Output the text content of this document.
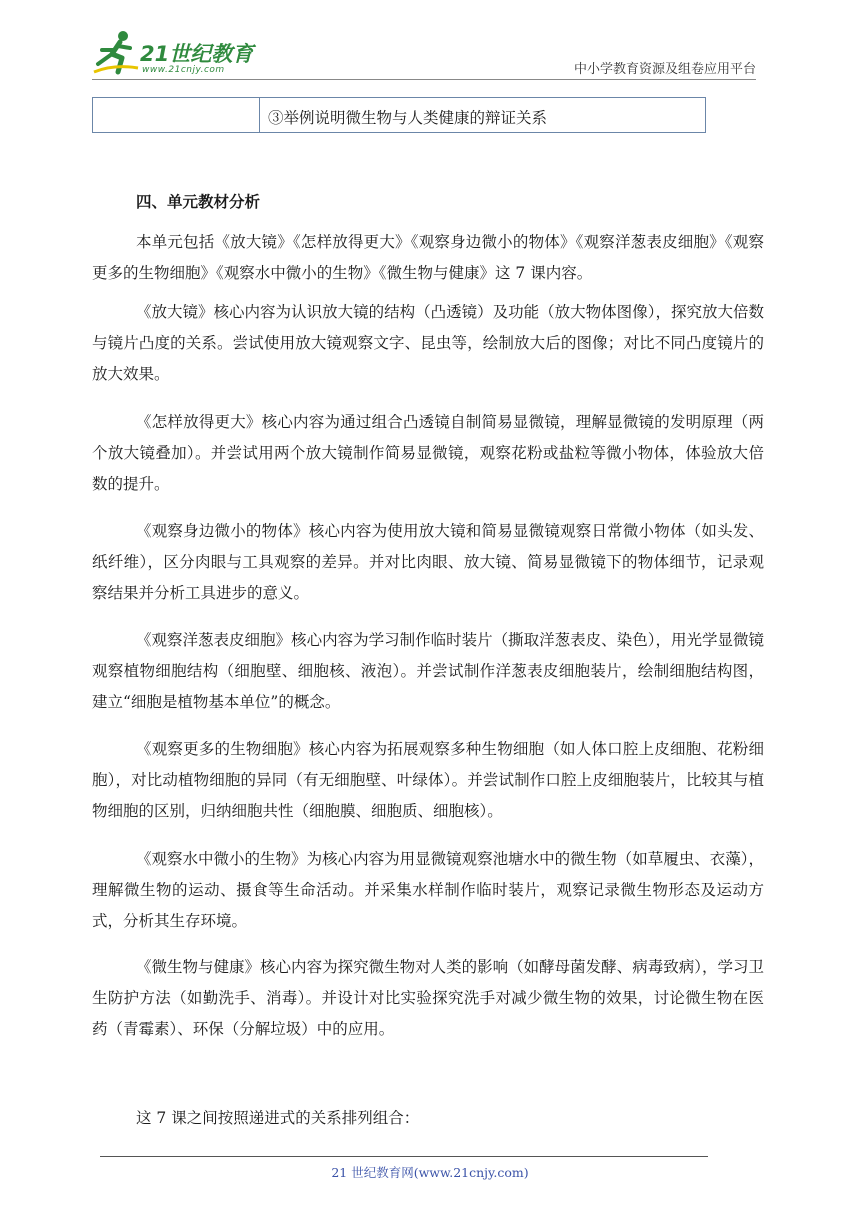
21世纪教育
www.21cnjy.com	中小学教育资源及组卷应用平台
③举例说明微生物与人类健康的辩证关系
四、单元教材分析

本单元包括《放大镜》《怎样放得更大》《观察身边微小的物体》《观察洋葱表皮细胞》《观察更多的生物细胞》《观察水中微小的生物》《微生物与健康》这 7 课内容。

《放大镜》核心内容为认识放大镜的结构（凸透镜）及功能（放大物体图像），探究放大倍数与镜片凸度的关系。尝试使用放大镜观察文字、昆虫等，绘制放大后的图像；对比不同凸度镜片的放大效果。

《怎样放得更大》核心内容为通过组合凸透镜自制简易显微镜，理解显微镜的发明原理（两个放大镜叠加）。并尝试用两个放大镜制作简易显微镜，观察花粉或盐粒等微小物体，体验放大倍数的提升。

《观察身边微小的物体》核心内容为使用放大镜和简易显微镜观察日常微小物体（如头发、纸纤维），区分肉眼与工具观察的差异。并对比肉眼、放大镜、简易显微镜下的物体细节，记录观察结果并分析工具进步的意义。

《观察洋葱表皮细胞》核心内容为学习制作临时装片（撕取洋葱表皮、染色），用光学显微镜观察植物细胞结构（细胞壁、细胞核、液泡）。并尝试制作洋葱表皮细胞装片，绘制细胞结构图，建立“细胞是植物基本单位”的概念。

《观察更多的生物细胞》核心内容为拓展观察多种生物细胞（如人体口腔上皮细胞、花粉细胞），对比动植物细胞的异同（有无细胞壁、叶绿体）。并尝试制作口腔上皮细胞装片，比较其与植物细胞的区别，归纳细胞共性（细胞膜、细胞质、细胞核）。

《观察水中微小的生物》为核心内容为用显微镜观察池塘水中的微生物（如草履虫、衣藻），理解微生物的运动、摄食等生命活动。并采集水样制作临时装片，观察记录微生物形态及运动方式，分析其生存环境。

《微生物与健康》核心内容为探究微生物对人类的影响（如酵母菌发酵、病毒致病），学习卫生防护方法（如勤洗手、消毒）。并设计对比实验探究洗手对减少微生物的效果，讨论微生物在医药（青霉素）、环保（分解垃圾）中的应用。

这 7 课之间按照递进式的关系排列组合：

21 世纪教育网(www.21cnjy.com)
